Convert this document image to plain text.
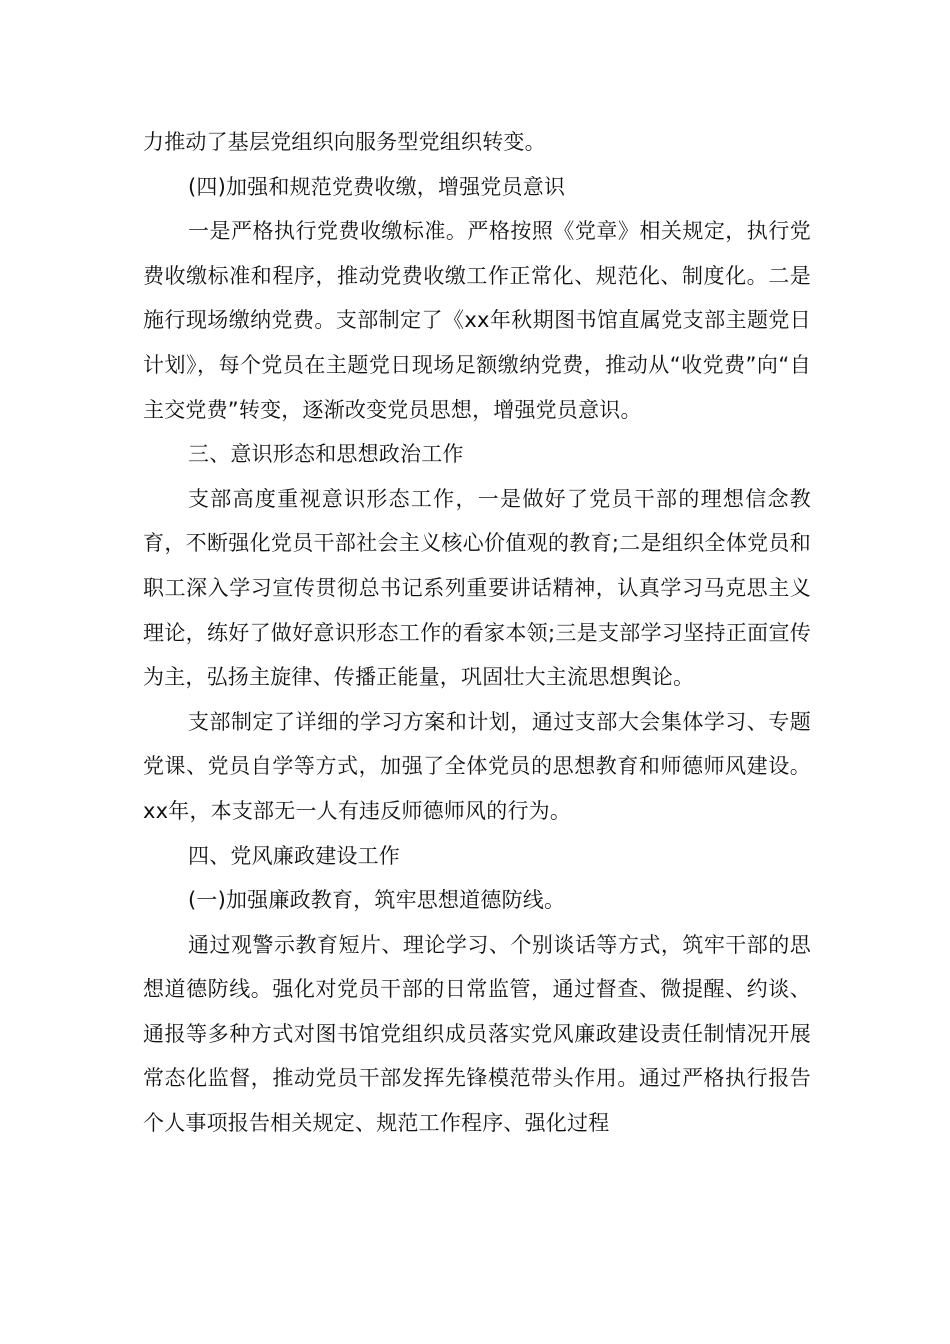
力推动了基层党组织向服务型党组织转变。

(四)加强和规范党费收缴，增强党员意识

一是严格执行党费收缴标准。严格按照《党章》相关规定，执行党费收缴标准和程序，推动党费收缴工作正常化、规范化、制度化。二是施行现场缴纳党费。支部制定了《xx年秋期图书馆直属党支部主题党日计划》，每个党员在主题党日现场足额缴纳党费，推动从“收党费”向“自主交党费”转变，逐渐改变党员思想，增强党员意识。

三、意识形态和思想政治工作

支部高度重视意识形态工作，一是做好了党员干部的理想信念教育，不断强化党员干部社会主义核心价值观的教育;二是组织全体党员和职工深入学习宣传贯彻总书记系列重要讲话精神，认真学习马克思主义理论，练好了做好意识形态工作的看家本领;三是支部学习坚持正面宣传为主，弘扬主旋律、传播正能量，巩固壮大主流思想舆论。

支部制定了详细的学习方案和计划，通过支部大会集体学习、专题党课、党员自学等方式，加强了全体党员的思想教育和师德师风建设。xx年，本支部无一人有违反师德师风的行为。

四、党风廉政建设工作

(一)加强廉政教育，筑牢思想道德防线。

通过观警示教育短片、理论学习、个别谈话等方式，筑牢干部的思想道德防线。强化对党员干部的日常监管，通过督查、微提醒、约谈、通报等多种方式对图书馆党组织成员落实党风廉政建设责任制情况开展常态化监督，推动党员干部发挥先锋模范带头作用。通过严格执行报告个人事项报告相关规定、规范工作程序、强化过程
